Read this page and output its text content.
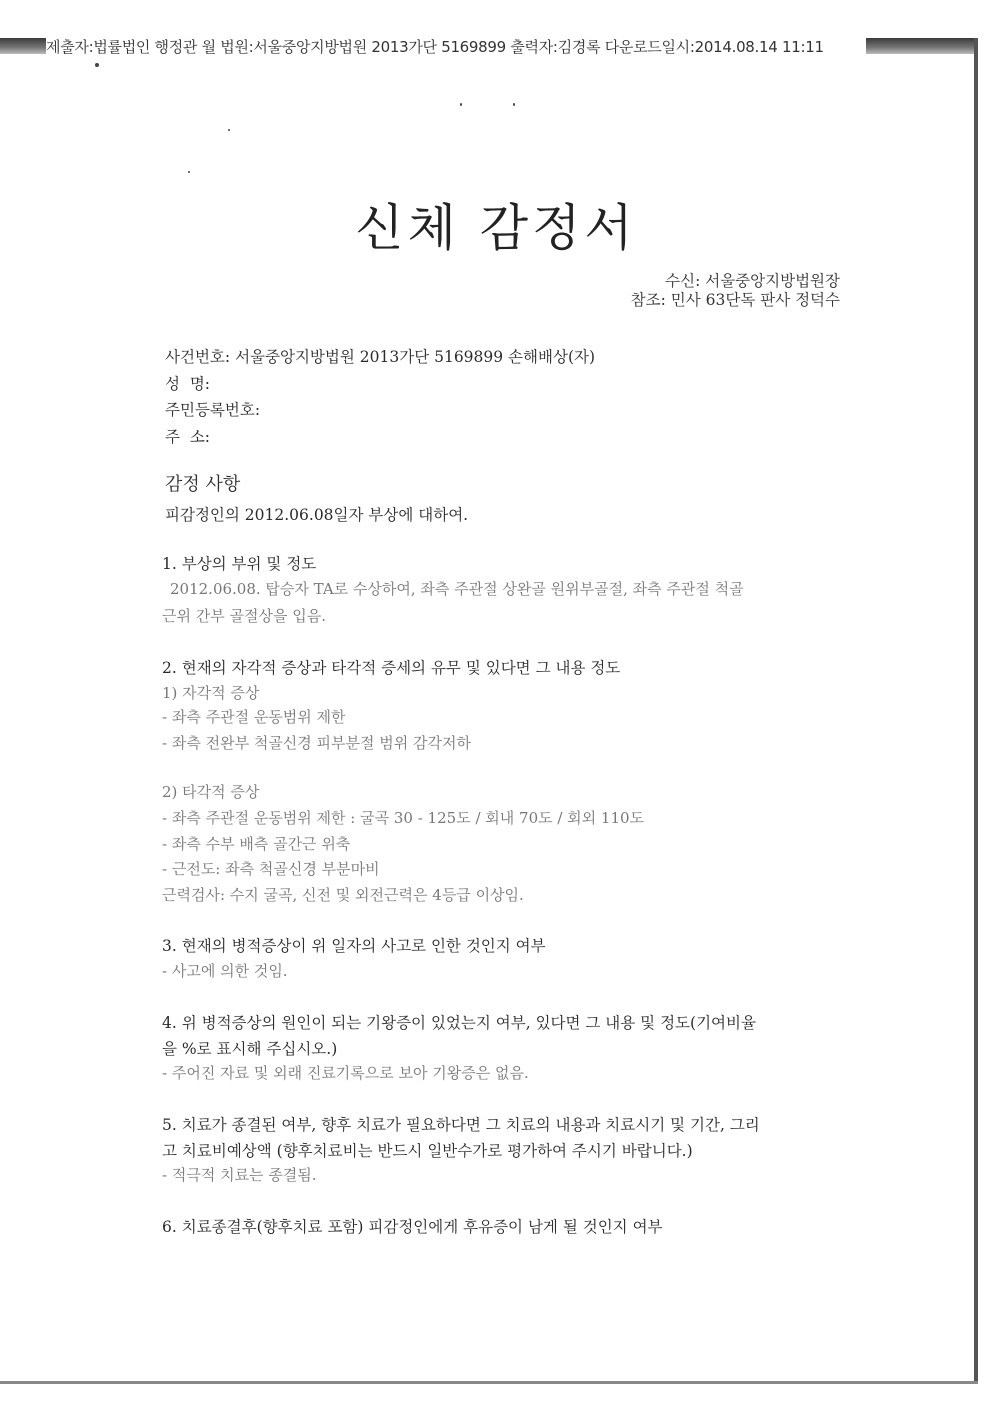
제출자:법률법인 행정관 월 법원:서울중앙지방법원 2013가단 5169899 출력자:김경록 다운로드일시:2014.08.14 11:11
신체 감정서
수신: 서울중앙지방법원장
참조: 민사 63단독 판사 정덕수
사건번호: 서울중앙지방법원 2013가단 5169899 손해배상(자)
성  명:
주민등록번호:
주  소:
감정 사항
피감정인의 2012.06.08일자 부상에 대하여.
1. 부상의 부위 및 정도
2012.06.08. 탑승자 TA로 수상하여, 좌측 주관절 상완골 원위부골절, 좌측 주관절 척골
근위 간부 골절상을 입음.
2. 현재의 자각적 증상과 타각적 증세의 유무 및 있다면 그 내용 정도
1) 자각적 증상
- 좌측 주관절 운동범위 제한
- 좌측 전완부 척골신경 피부분절 범위 감각저하
2) 타각적 증상
- 좌측 주관절 운동범위 제한 : 굴곡 30 - 125도 / 회내 70도 / 회외 110도
- 좌측 수부 배측 골간근 위축
- 근전도: 좌측 척골신경 부분마비
근력검사: 수지 굴곡, 신전 및 외전근력은 4등급 이상임.
3. 현재의 병적증상이 위 일자의 사고로 인한 것인지 여부
- 사고에 의한 것임.
4. 위 병적증상의 원인이 되는 기왕증이 있었는지 여부, 있다면 그 내용 및 정도(기여비율
을 %로 표시해 주십시오.)
- 주어진 자료 및 외래 진료기록으로 보아 기왕증은 없음.
5. 치료가 종결된 여부, 향후 치료가 필요하다면 그 치료의 내용과 치료시기 및 기간, 그리
고 치료비예상액 (향후치료비는 반드시 일반수가로 평가하여 주시기 바랍니다.)
- 적극적 치료는 종결됨.
6. 치료종결후(향후치료 포함) 피감정인에게 후유증이 남게 될 것인지 여부
